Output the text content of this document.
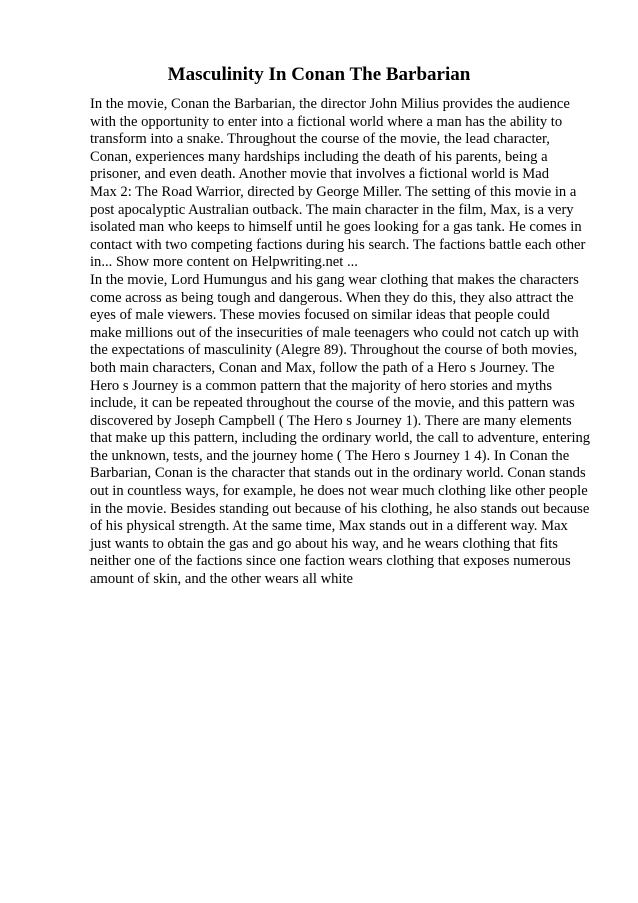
Masculinity In Conan The Barbarian
In the movie, Conan the Barbarian, the director John Milius provides the audience
with the opportunity to enter into a fictional world where a man has the ability to
transform into a snake. Throughout the course of the movie, the lead character,
Conan, experiences many hardships including the death of his parents, being a
prisoner, and even death. Another movie that involves a fictional world is Mad
Max 2: The Road Warrior, directed by George Miller. The setting of this movie in a
post apocalyptic Australian outback. The main character in the film, Max, is a very
isolated man who keeps to himself until he goes looking for a gas tank. He comes in
contact with two competing factions during his search. The factions battle each other
in... Show more content on Helpwriting.net ...
In the movie, Lord Humungus and his gang wear clothing that makes the characters
come across as being tough and dangerous. When they do this, they also attract the
eyes of male viewers. These movies focused on similar ideas that people could
make millions out of the insecurities of male teenagers who could not catch up with
the expectations of masculinity (Alegre 89). Throughout the course of both movies,
both main characters, Conan and Max, follow the path of a Hero s Journey. The
Hero s Journey is a common pattern that the majority of hero stories and myths
include, it can be repeated throughout the course of the movie, and this pattern was
discovered by Joseph Campbell ( The Hero s Journey 1). There are many elements
that make up this pattern, including the ordinary world, the call to adventure, entering
the unknown, tests, and the journey home ( The Hero s Journey 1 4). In Conan the
Barbarian, Conan is the character that stands out in the ordinary world. Conan stands
out in countless ways, for example, he does not wear much clothing like other people
in the movie. Besides standing out because of his clothing, he also stands out because
of his physical strength. At the same time, Max stands out in a different way. Max
just wants to obtain the gas and go about his way, and he wears clothing that fits
neither one of the factions since one faction wears clothing that exposes numerous
amount of skin, and the other wears all white
